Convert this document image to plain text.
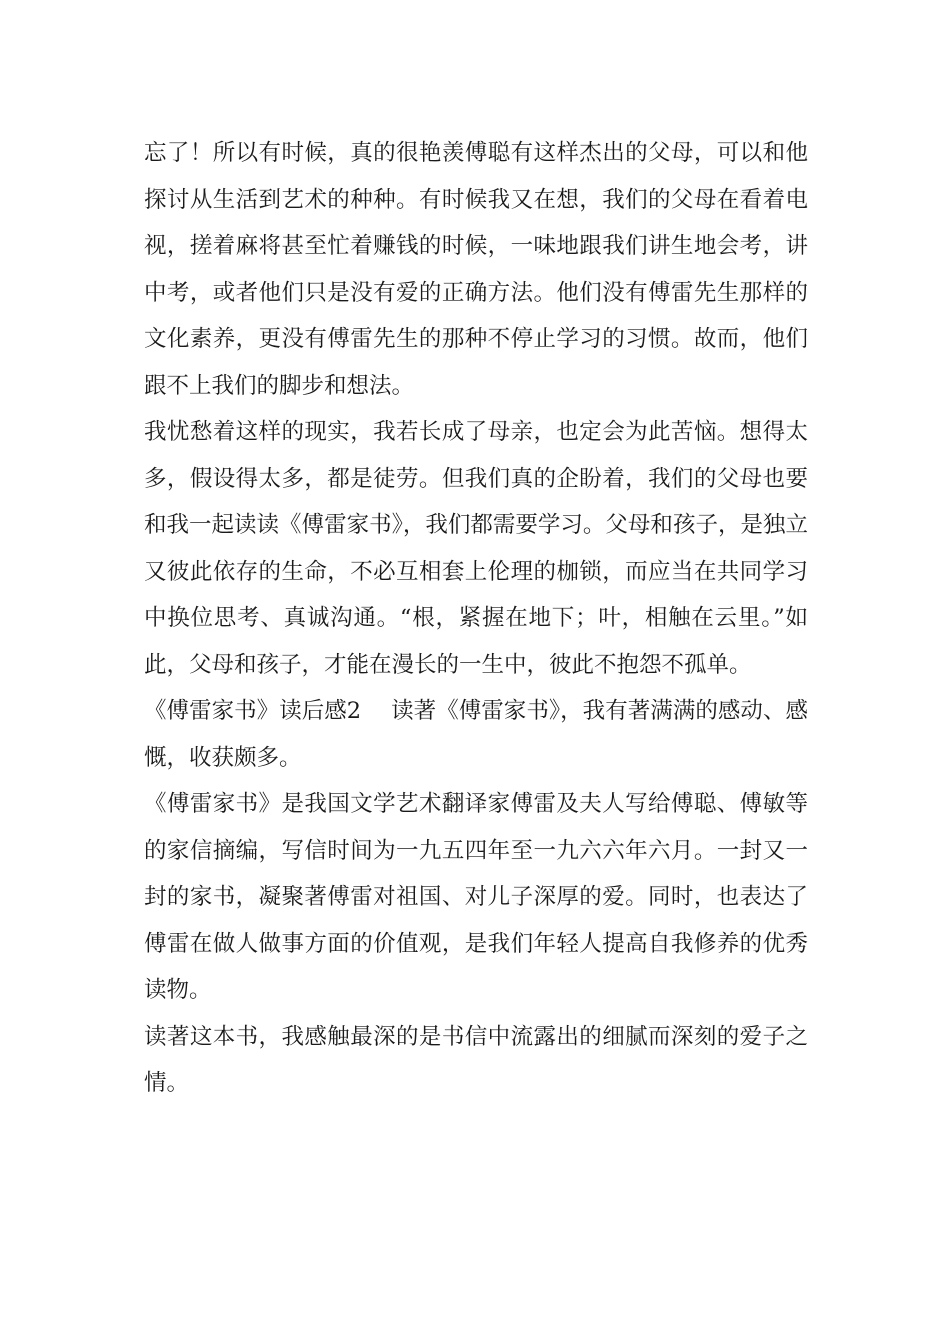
忘了！所以有时候，真的很艳羡傅聪有这样杰出的父母，可以和他探讨从生活到艺术的种种。有时候我又在想，我们的父母在看着电视，搓着麻将甚至忙着赚钱的时候，一味地跟我们讲生地会考，讲中考，或者他们只是没有爱的正确方法。他们没有傅雷先生那样的文化素养，更没有傅雷先生的那种不停止学习的习惯。故而，他们跟不上我们的脚步和想法。

我忧愁着这样的现实，我若长成了母亲，也定会为此苦恼。想得太多，假设得太多，都是徒劳。但我们真的企盼着，我们的父母也要和我一起读读《傅雷家书》，我们都需要学习。父母和孩子，是独立又彼此依存的生命，不必互相套上伦理的枷锁，而应当在共同学习中换位思考、真诚沟通。“根，紧握在地下；叶，相触在云里。”如此，父母和孩子，才能在漫长的一生中，彼此不抱怨不孤单。

《傅雷家书》读后感2 读著《傅雷家书》，我有著满满的感动、感慨，收获颇多。

《傅雷家书》是我国文学艺术翻译家傅雷及夫人写给傅聪、傅敏等的家信摘编，写信时间为一九五四年至一九六六年六月。一封又一封的家书，凝聚著傅雷对祖国、对儿子深厚的爱。同时，也表达了傅雷在做人做事方面的价值观，是我们年轻人提高自我修养的优秀读物。

读著这本书，我感触最深的是书信中流露出的细腻而深刻的爱子之情。
